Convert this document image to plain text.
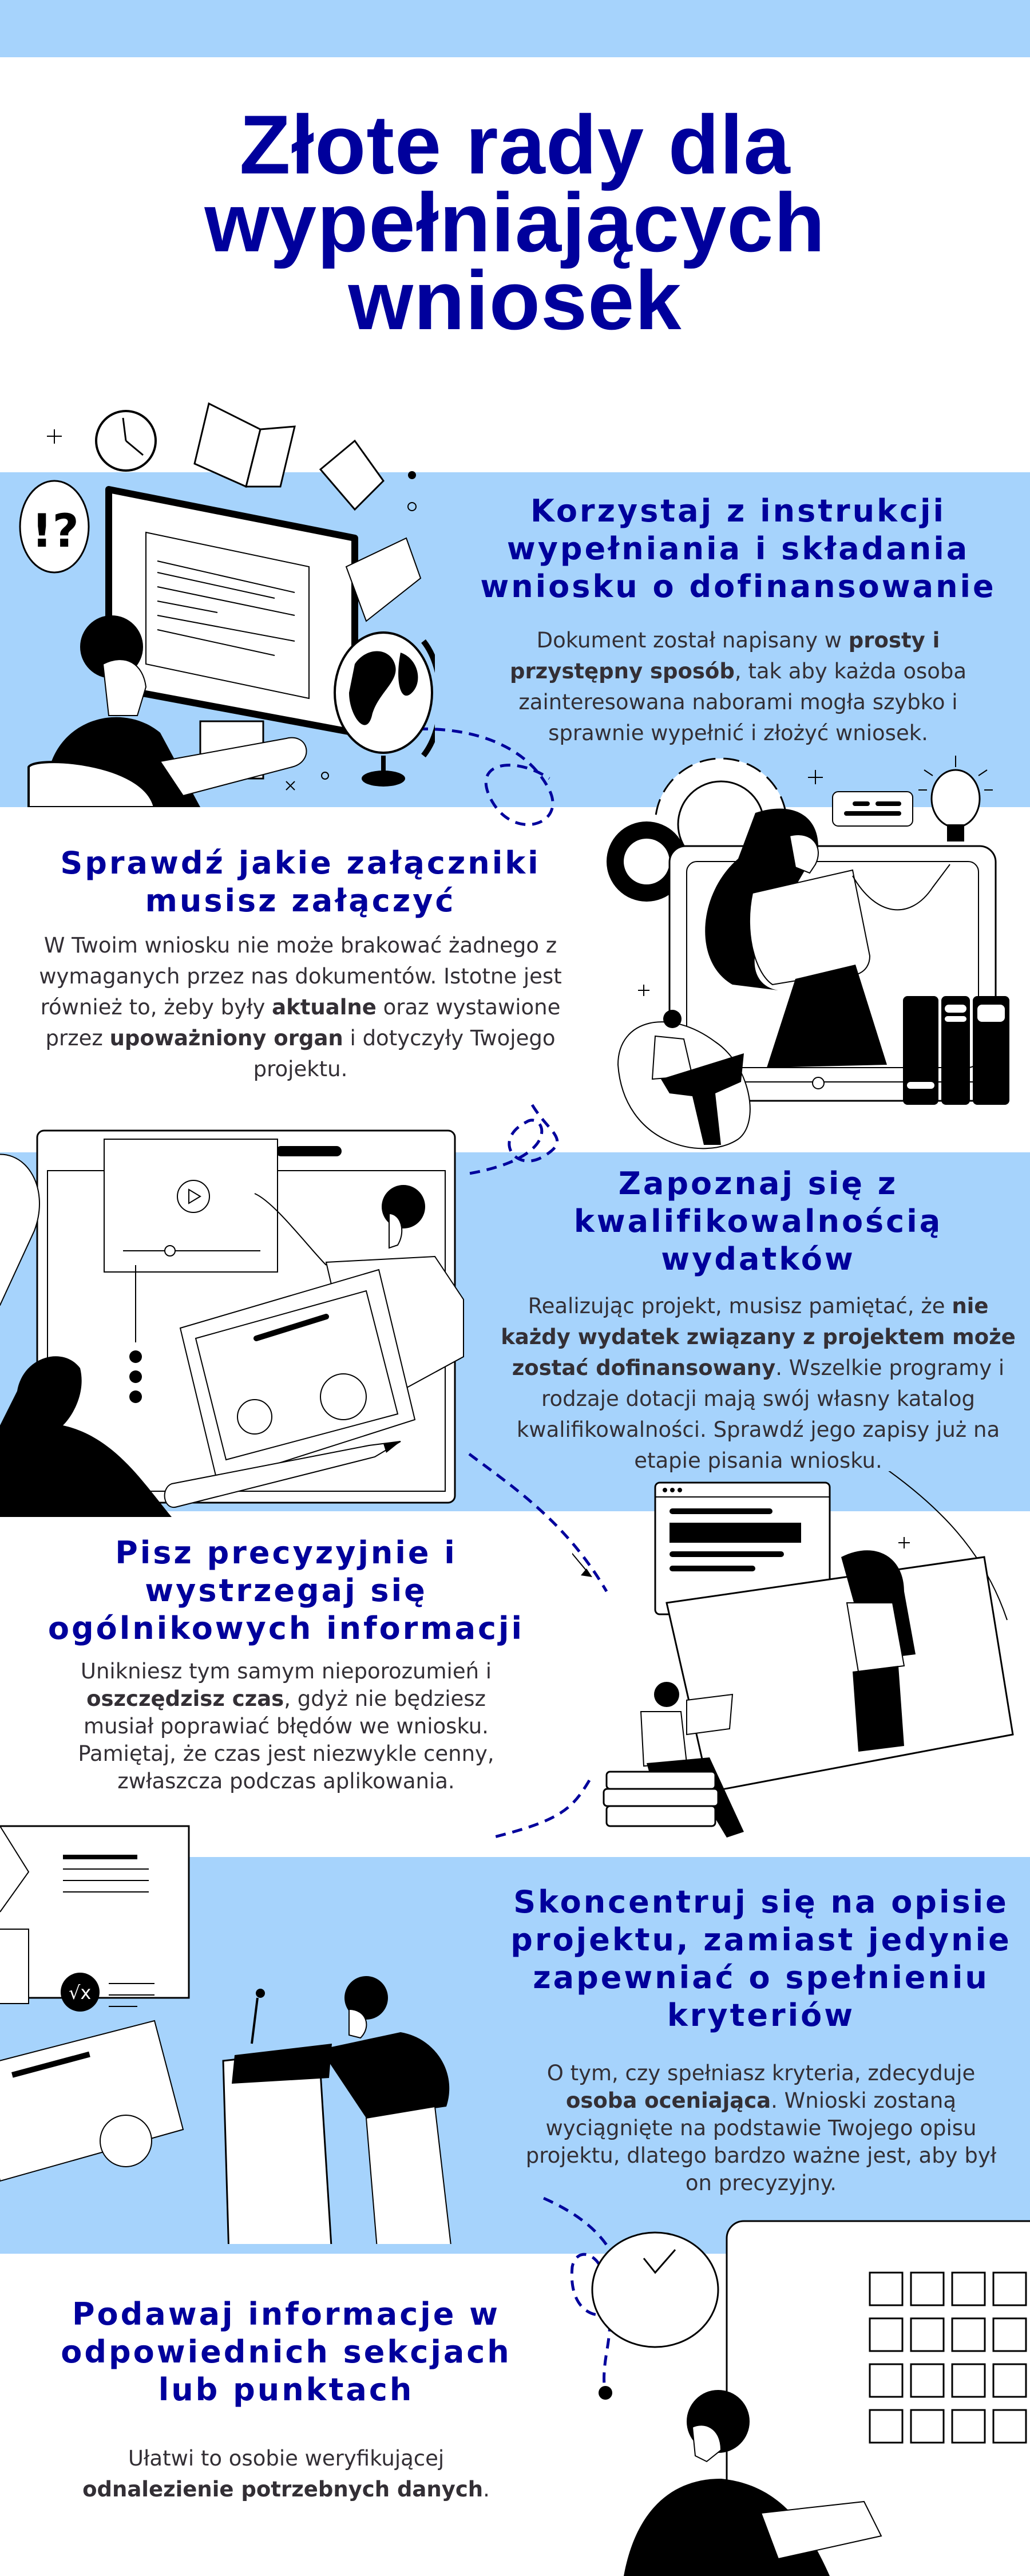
Złote rady dla
wypełniających
wniosek
!?	Korzystaj z instrukcji
wypełniania i składania
wniosku o dofinansowanie

Dokument został napisany w prosty i przystępny sposób, tak aby każda osoba zainteresowana naborami mogła szybko i sprawnie wypełnić i złożyć wniosek.

Sprawdź jakie załączniki
musisz załączyć

W Twoim wniosku nie może brakować żadnego z wymaganych przez nas dokumentów. Istotne jest również to, żeby były aktualne oraz wystawione przez upoważniony organ i dotyczyły Twojego projektu.

Zapoznaj się z
kwalifikowalnością
wydatków

Realizując projekt, musisz pamiętać, że nie każdy wydatek związany z projektem może zostać dofinansowany. Wszelkie programy i rodzaje dotacji mają swój własny katalog kwalifikowalności. Sprawdź jego zapisy już na etapie pisania wniosku.

Pisz precyzyjnie i
wystrzegaj się
ogólnikowych informacji

Unikniesz tym samym nieporozumień i oszczędzisz czas, gdyż nie będziesz musiał poprawiać błędów we wniosku. Pamiętaj, że czas jest niezwykle cenny, zwłaszcza podczas aplikowania.

√x
Skoncentruj się na opisie
projektu, zamiast jedynie
zapewniać o spełnieniu
kryteriów

O tym, czy spełniasz kryteria, zdecyduje osoba oceniająca. Wnioski zostaną wyciągnięte na podstawie Twojego opisu projektu, dlatego bardzo ważne jest, aby był on precyzyjny.

Podawaj informacje w
odpowiednich sekcjach
lub punktach

Ułatwi to osobie weryfikującej odnalezienie potrzebnych danych.
